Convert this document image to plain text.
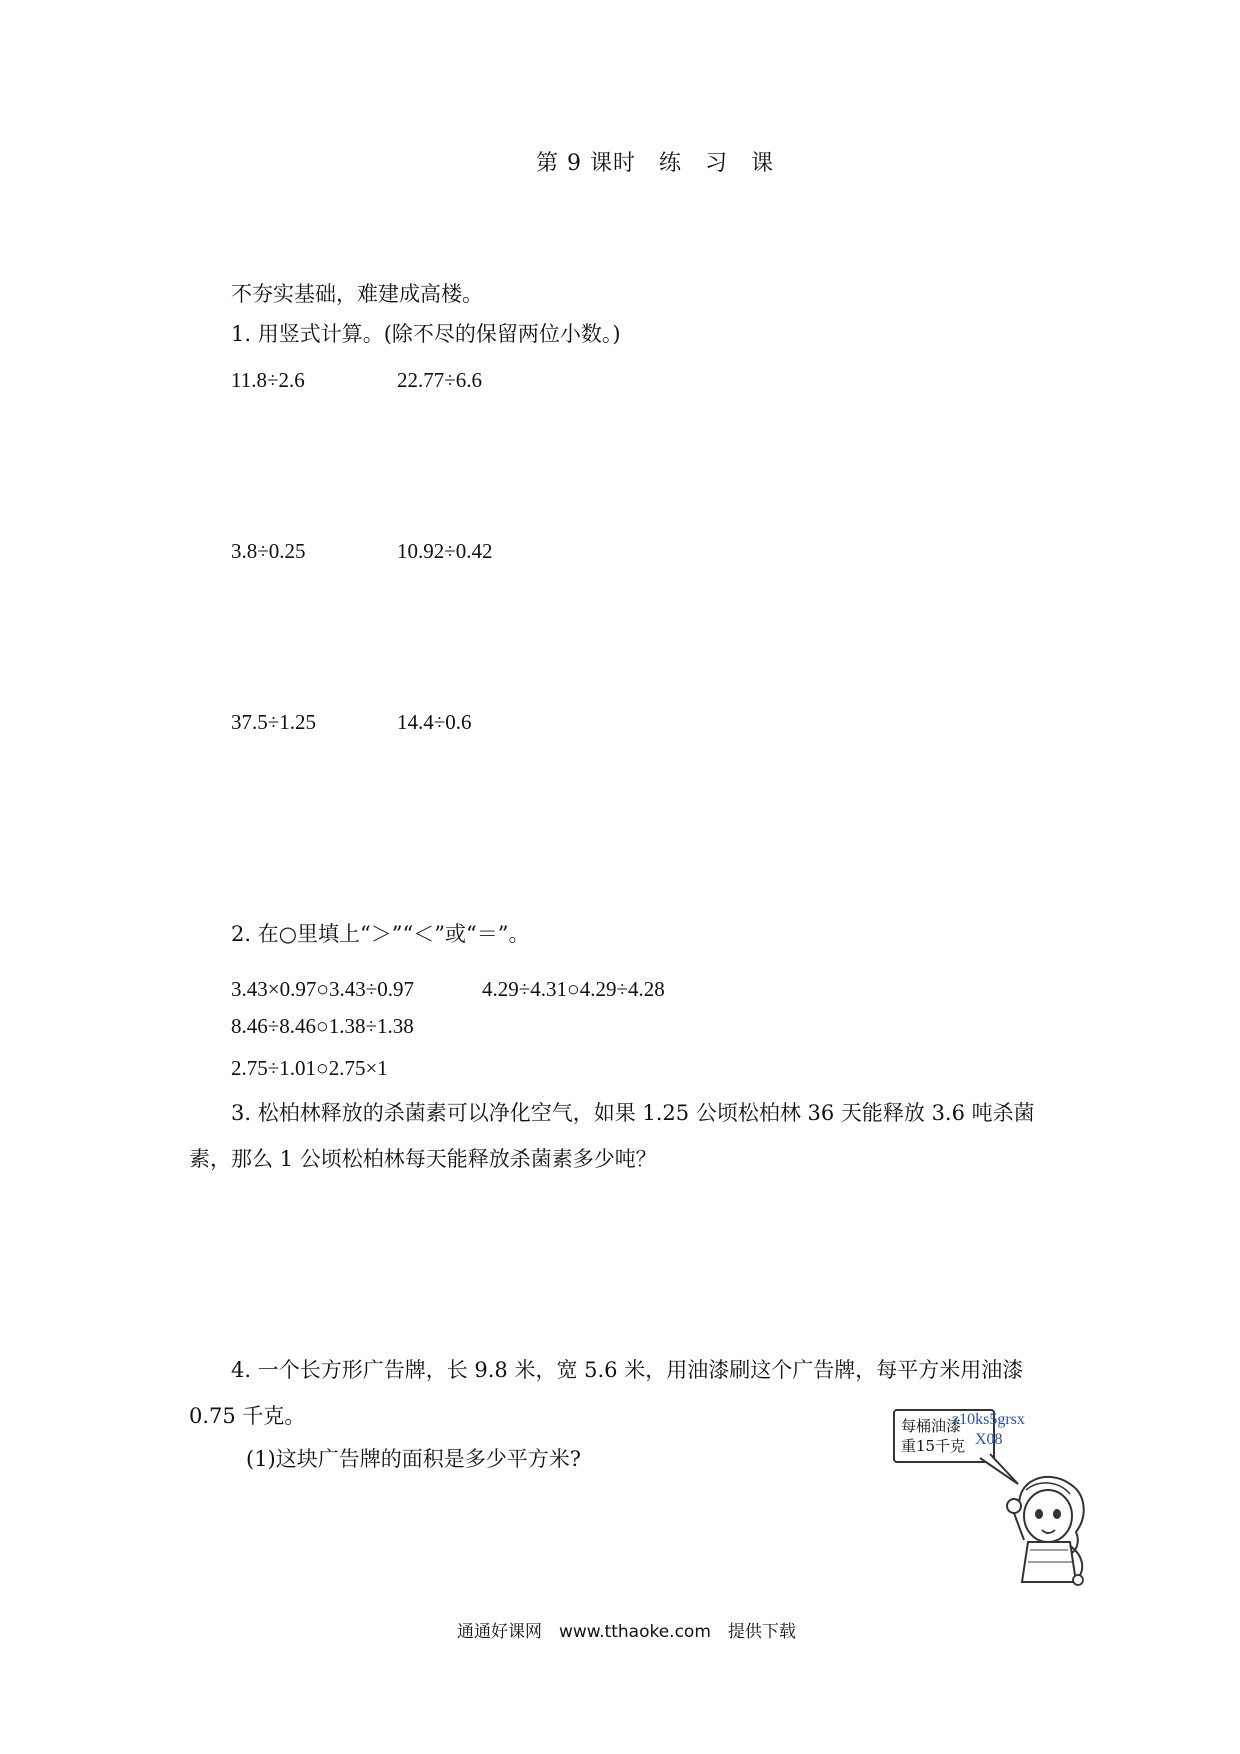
第 9 课时　练　习　课
不夯实基础，难建成高楼。
1. 用竖式计算。(除不尽的保留两位小数。)
11.8÷2.6	22.77÷6.6
3.8÷0.25	10.92÷0.42
37.5÷1.25	14.4÷0.6
2. 在○里填上“＞”“＜”或“＝”。
3.43×0.97○3.43÷0.97	4.29÷4.31○4.29÷4.28
8.46÷8.46○1.38÷1.38
2.75÷1.01○2.75×1
3. 松柏林释放的杀菌素可以净化空气，如果 1.25 公顷松柏林 36 天能释放 3.6 吨杀菌
素，那么 1 公顷松柏林每天能释放杀菌素多少吨？
4. 一个长方形广告牌，长 9.8 米，宽 5.6 米，用油漆刷这个广告牌，每平方米用油漆
0.75 千克。
(1)这块广告牌的面积是多少平方米?
每桶油漆
重15千克
z10ks5grsx
X08
通通好课网　www.tthaoke.com　提供下载
